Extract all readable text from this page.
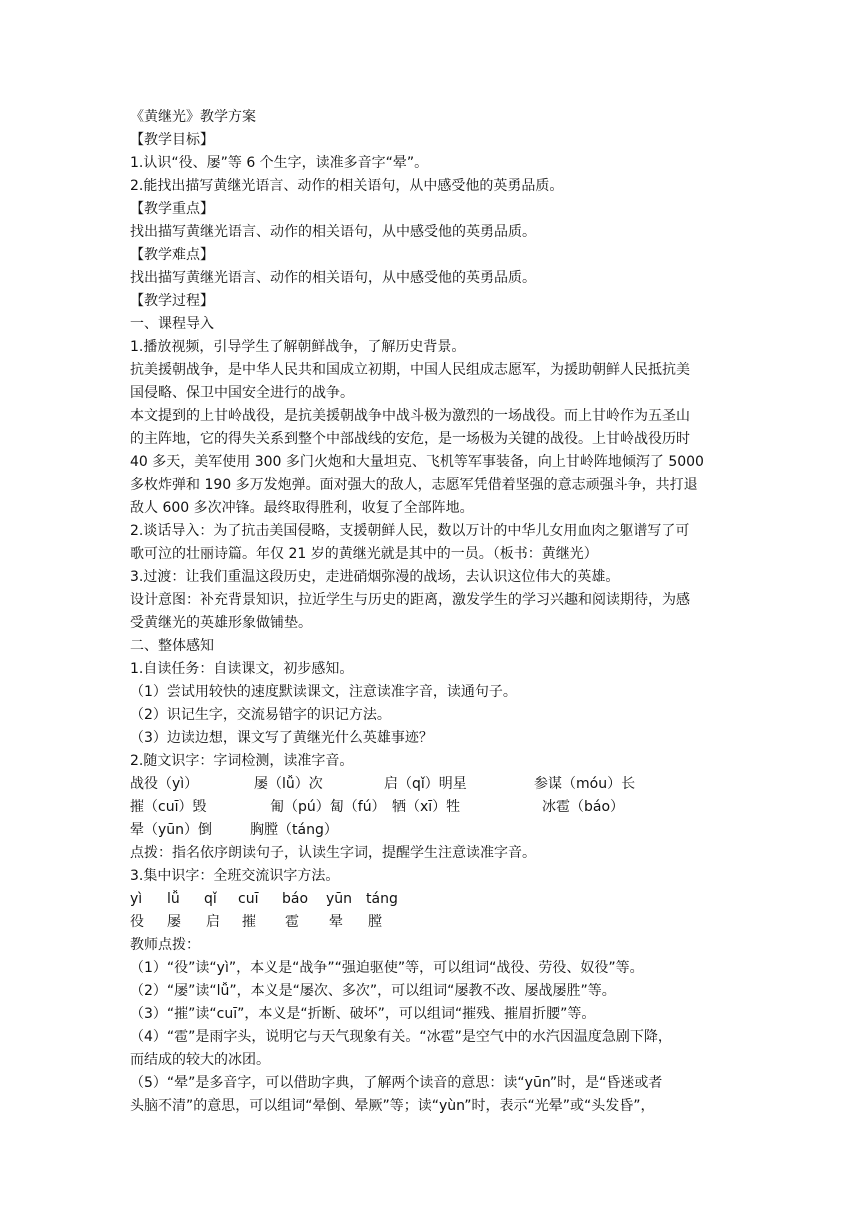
《黄继光》教学方案
【教学目标】
1.认识“役、屡”等 6 个生字，读准多音字“晕”。
2.能找出描写黄继光语言、动作的相关语句，从中感受他的英勇品质。
【教学重点】
找出描写黄继光语言、动作的相关语句，从中感受他的英勇品质。
【教学难点】
找出描写黄继光语言、动作的相关语句，从中感受他的英勇品质。
【教学过程】
一、课程导入
1.播放视频，引导学生了解朝鲜战争，了解历史背景。
抗美援朝战争，是中华人民共和国成立初期，中国人民组成志愿军，为援助朝鲜人民抵抗美
国侵略、保卫中国安全进行的战争。
本文提到的上甘岭战役，是抗美援朝战争中战斗极为激烈的一场战役。而上甘岭作为五圣山
的主阵地，它的得失关系到整个中部战线的安危，是一场极为关键的战役。上甘岭战役历时
40 多天，美军使用 300 多门火炮和大量坦克、飞机等军事装备，向上甘岭阵地倾泻了 5000
多枚炸弹和 190 多万发炮弹。面对强大的敌人，志愿军凭借着坚强的意志顽强斗争，共打退
敌人 600 多次冲锋。最终取得胜利，收复了全部阵地。
2.谈话导入：为了抗击美国侵略，支援朝鲜人民，数以万计的中华儿女用血肉之躯谱写了可
歌可泣的壮丽诗篇。年仅 21 岁的黄继光就是其中的一员。（板书：黄继光）
3.过渡：让我们重温这段历史，走进硝烟弥漫的战场，去认识这位伟大的英雄。
设计意图：补充背景知识，拉近学生与历史的距离，激发学生的学习兴趣和阅读期待，为感
受黄继光的英雄形象做铺垫。
二、整体感知
1.自读任务：自读课文，初步感知。
（1）尝试用较快的速度默读课文，注意读准字音，读通句子。
（2）识记生字，交流易错字的识记方法。
（3）边读边想，课文写了黄继光什么英雄事迹？
2.随文识字：字词检测，读准字音。
战役（yì）	屡（lǚ）次	启（qǐ）明星	参谋（móu）长
摧（cuī）毁	匍（pú）匐（fú） 牺（xī）牲	冰雹（báo）
晕（yūn）倒	胸膛（táng）
点拨：指名依序朗读句子，认读生字词，提醒学生注意读准字音。
3.集中识字：全班交流识字方法。
yì lǚ qǐ cuī báo yūn táng
役 屡 启 摧 雹 晕 膛
教师点拨：
（1）“役”读“yì”，本义是“战争”“强迫驱使”等，可以组词“战役、劳役、奴役”等。
（2）“屡”读“lǚ”，本义是“屡次、多次”，可以组词“屡教不改、屡战屡胜”等。
（3）“摧”读“cuī”，本义是“折断、破坏”，可以组词“摧残、摧眉折腰”等。
（4）“雹”是雨字头，说明它与天气现象有关。“冰雹”是空气中的水汽因温度急剧下降，
而结成的较大的冰团。
（5）“晕”是多音字，可以借助字典，了解两个读音的意思：读“yūn”时，是“昏迷或者
头脑不清”的意思，可以组词“晕倒、晕厥”等；读“yùn”时，表示“光晕”或“头发昏”，
